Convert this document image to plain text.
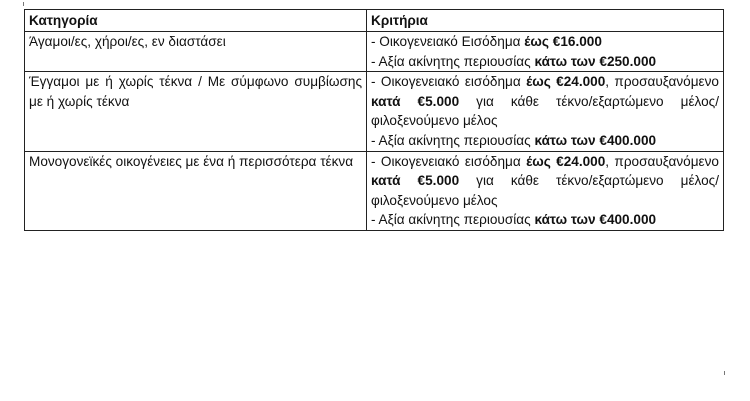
Κατηγορία	Κριτήρια
Άγαμοι/ες, χήροι/ες, εν διαστάσει	- Οικογενειακό Εισόδημα έως €16.000
- Αξία ακίνητης περιουσίας κάτω των €250.000

Έγγαμοι με ή χωρίς τέκνα / Με σύμφωνο συμβίωσης με ή χωρίς τέκνα	- Οικογενειακό εισόδημα έως €24.000, προσαυξανόμενο κατά €5.000 για κάθε τέκνο/εξαρτώμενο μέλος/φιλοξενούμενο μέλος
- Αξία ακίνητης περιουσίας κάτω των €400.000

Μονογονεϊκές οικογένειες με ένα ή περισσότερα τέκνα	- Οικογενειακό εισόδημα έως €24.000, προσαυξανόμενο κατά €5.000 για κάθε τέκνο/εξαρτώμενο μέλος/φιλοξενούμενο μέλος
- Αξία ακίνητης περιουσίας κάτω των €400.000
